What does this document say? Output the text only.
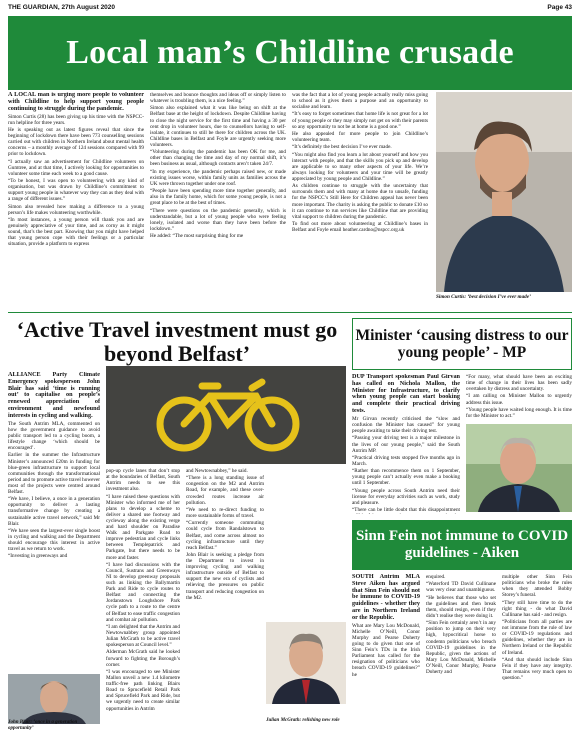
THE GUARDIAN, 27th August 2020	Page 43
Local man’s Childline crusade

A LOCAL man is urging more people to volunteer with Childline to help support young people continuing to struggle during the pandemic.

Simon Curtis (28) has been giving up his time with the NSPCC-run helpline for three years.

He is speaking out as latest figures reveal that since the beginning of lockdown there have been 773 counselling sessions carried out with children in Northern Ireland about mental health concerns – a monthly average of 124 sessions compared with 99 prior to lockdown.

“I actually saw an advertisement for Childline volunteers on Gumtree, and at that time, I actively looking for opportunities to volunteer some time each week to a good cause.

“To be honest, I was open to volunteering with any kind of organisation, but was drawn by Childline’s commitment to support young people in whatever way they can as they deal with a range of different issues.”

Simon also revealed how making a difference to a young person’s life makes volunteering worthwhile.

“In most instances, a young person will thank you and are genuinely appreciative of your time, and as corny as it might sound, that’s the best part. Knowing that you might have helped that young person cope with their feelings or a particular situation, provide a platform to express

themselves and bounce thoughts and ideas off or simply listen to whatever is troubling them, is a nice feeling.”

Simon also explained what it was like being on shift at the Belfast base at the height of lockdown. Despite Childline having to close the night service for the first time and having a 30 per cent drop in volunteer hours, due to counsellors having to self-isolate, it continues to still be there for children across the UK. Childline bases in Belfast and Foyle are urgently seeking more volunteers.

“Volunteering during the pandemic has been OK for me, and other than changing the time and day of my normal shift, it’s been business as usual, although contacts aren’t taken 24/7.

“In my experience, the pandemic perhaps raised new, or made existing issues worse, within family units as families across the UK were thrown together under one roof.

“People have been spending more time together generally, and also in the family home, which for some young people, is not a great place to be at the best of times.

“There were questions on the pandemic generally, which is understandable, but a lot of young people who were feeling lonely, isolated and worse than they have been before the lockdown.”

He added: “The most surprising thing for me

was the fact that a lot of young people actually really miss going to school as it gives them a purpose and an opportunity to socialise and learn.

“It’s easy to forget sometimes that home life is not great for a lot of young people or they may simply not get on with their parents so any opportunity to not be at home is a good one.”

He also appealed for more people to join Childline’s volunteering team.

“It’s definitely the best decision I’ve ever made.

“You might also find you learn a lot about yourself and how you interact with people, and that the skills you pick up and develop are applicable to so many other aspects of your life. We’re always looking for volunteers and your time will be greatly appreciated by young people and Childline.”

As children continue to struggle with the uncertainty that surrounds them and with many at home due to unsafe, funding for the NSPCC’s Still Here for Children appeal has never been more important. The charity is asking the public to donate £10 so it can continue to run services like Childline that are providing vital support to children during the pandemic.

To find out more about volunteering at Childline’s bases in Belfast and Foyle email heather.cardno@nspcc.org.uk

Simon Curtis: ‘best decision I’ve ever made’
‘Active Travel investment must go beyond Belfast’

ALLIANCE Party Climate Emergency spokesperson John Blair has said ‘time is running out’ to capitalise on people’s renewed appreciation of environment and newfound interests in cycling and walking.

The South Antrim MLA, commented on how the government guidance to avoid public transport led to a cycling boom, a lifestyle change ‘which should be encouraged’.

Earlier in the summer the Infrastructure Minister’s announced £20m in funding for blue-green infrastructure to support local communities through the transformational period and to promote active travel however most of the projects were centred around Belfast.

“We have, I believe, a once in a generation opportunity to deliver a lasting transformative change by creating a sustainable active travel network,” said Mr Blair.

“We have seen the largest-ever single boost in cycling and walking and the Department should encourage this interest in active travel as we return to work.

“Investing in greenways and

pop-up cycle lanes that don’t stop at the boundaries of Belfast, South Antrim needs to see this investment also.

“I have raised these questions with Minister who informed me of her plans to develop a scheme to deliver a shared use footway and cycleway along the existing verge and hard shoulder on Paradise Walk and Parkgate Road to improve pedestrian and cycle links between Templepatrick and Parkgate, but there needs to be more and faster.

“I have had discussions with the Council, Sustrans and Greenways NI to develop greenway proposals such as linking the Ballymartin Park and Ride to cycle routes to Belfast and connecting the Jordanstown Loughshore Park cycle path to a route to the centre of Belfast to ease traffic congestion and combat air pollution.

“I am delighted that the Antrim and Newtownabbey group appointed Julian McGrath to be active travel spokesperson at Council level.”

Alderman McGrath said he looked forward to fighting the Borough’s corner.

“I was encouraged to see Minister Mallon unveil a new 1.4 kilometre traffic-free path linking Blairs Road to Sprucefield Retail Park and Sprucefield Park and Ride, but we urgently need to create similar opportunities in Antrim

and Newtownabbey,” he said.

“There is a long standing issue of congestion on the M2 and Antrim Road, for example, and these over-crowded routes increase air pollution.

“We need to re-direct funding to more sustainable forms of travel.

“Currently someone commuting could cycle from Randalstown to Belfast, and come across almost no cycling infrastructure until they reach Belfast.”

John Blair is seeking a pledge from the Department to invest in improving cycling and walking infrastructure outside of Belfast to support the new era of cyclists and relieving the pressures on public transport and reducing congestion on the M2.

John Blair: ‘once in a generation opportunity’
Julian McGrath: relishing new role
Minister ‘causing distress to our young people’ - MP

DUP Transport spokesman Paul Girvan has called on Nichola Mallon, the Minister for Infrastructure, to clarify when young people can start booking and complete their practical driving tests.

Mr Girvan recently criticised the “slow and confusion the Minister has caused” for young people awaiting to take their driving test.

“Passing your driving test is a major milestone in the lives of our young people,” said the South Antrim MP.

“Practical driving tests stopped five months ago in March.

“Rather than recommence them on 1 September, young people can’t actually even make a booking until 1 September.

“Young people across South Antrim need their license for everyday activities such as work, study and pleasure.

“There can be little doubt that this disappointment

“For many, what should have been an exciting time of change in their lives has been sadly overtaken by distress and uncertainty.

“I am calling on Minister Mallon to urgently address this issue.

“Young people have waited long enough. It is time for the Minister to act.”

Sinn Fein not immune to COVID guidelines - Aiken

SOUTH Antrim MLA Steve Aiken has argued that Sinn Fein should not be immune to COVID-19 guidelines - whether they are in Northern Ireland or the Republic.

What are Mary Lou McDonald, Michelle O’Neill, Conor Murphy and Pearse Doherty going to do given that one of Sinn Fein’s TDs in the Irish Parliament has called for the resignation of politicians who breach COVID-19 guidelines?” he

enquired.

“Waterford TD David Cullinane was very clear and unambiguous.

“He believes that those who set the guidelines and then break them, should resign, even if they didn’t realise they were doing it.

“Sinn Fein certainly aren’t in any position to jump on their very high, hypocritical horse to condemn politicians who breach COVID-19 guidelines in the Republic, given the actions of Mary Lou McDonald, Michelle O’Neill, Conor Murphy, Pearse Doherty and

multiple other Sinn Fein politicians who broke the rules when they attended Bobby Storey’s funeral.

“They still have time to do the right thing - do what David Cullinane has said - and resign.

“Politicians from all parties are not immune from the rule of law or COVID-19 regulations and guidelines, whether they are in Northern Ireland or the Republic of Ireland.

“And that should include Sinn Fein if they have any integrity. That remains very much open to question.”
